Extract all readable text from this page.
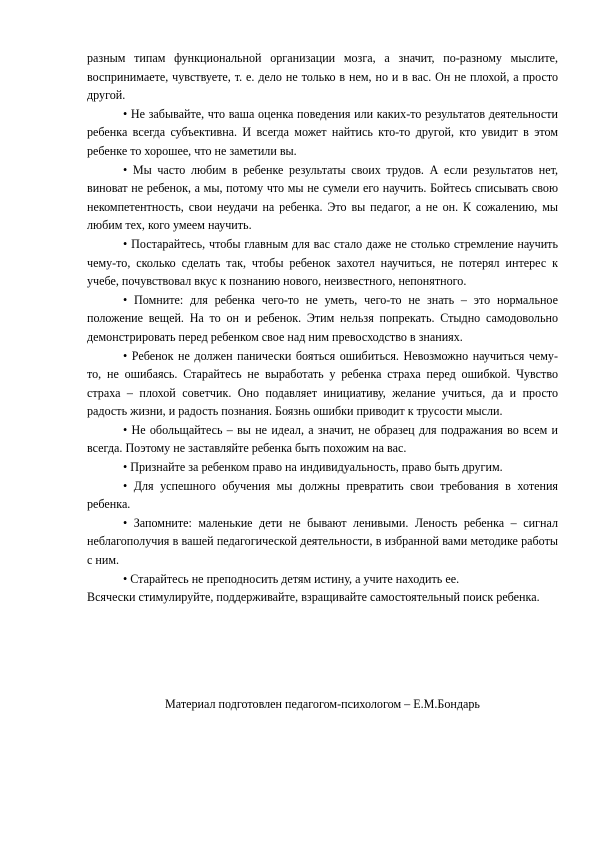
разным типам функциональной организации мозга, а значит, по-разному мыслите, воспринимаете, чувствуете, т. е. дело не только в нем, но и в вас. Он не плохой, а просто другой.

• Не забывайте, что ваша оценка поведения или каких-то результатов деятельности ребенка всегда субъективна. И всегда может найтись кто-то другой, кто увидит в этом ребенке то хорошее, что не заметили вы.

• Мы часто любим в ребенке результаты своих трудов. А если результатов нет, виноват не ребенок, а мы, потому что мы не сумели его научить. Бойтесь списывать свою некомпетентность, свои неудачи на ребенка. Это вы педагог, а не он. К сожалению, мы любим тех, кого умеем научить.

• Постарайтесь, чтобы главным для вас стало даже не столько стремление научить чему-то, сколько сделать так, чтобы ребенок захотел научиться, не потерял интерес к учебе, почувствовал вкус к познанию нового, неизвестного, непонятного.

• Помните: для ребенка чего-то не уметь, чего-то не знать – это нормальное положение вещей. На то он и ребенок. Этим нельзя попрекать. Стыдно самодовольно демонстрировать перед ребенком свое над ним превосходство в знаниях.

• Ребенок не должен панически бояться ошибиться. Невозможно научиться чему-то, не ошибаясь. Старайтесь не выработать у ребенка страха перед ошибкой. Чувство страха – плохой советчик. Оно подавляет инициативу, желание учиться, да и просто радость жизни, и радость познания. Боязнь ошибки приводит к трусости мысли.

• Не обольщайтесь – вы не идеал, а значит, не образец для подражания во всем и всегда. Поэтому не заставляйте ребенка быть похожим на вас.

• Признайте за ребенком право на индивидуальность, право быть другим.

• Для успешного обучения мы должны превратить свои требования в хотения ребенка.

• Запомните: маленькие дети не бывают ленивыми. Леность ребенка – сигнал неблагополучия в вашей педагогической деятельности, в избранной вами методике работы с ним.

• Старайтесь не преподносить детям истину, а учите находить ее.

Всячески стимулируйте, поддерживайте, взращивайте самостоятельный поиск ребенка.

Материал подготовлен педагогом-психологом – Е.М.Бондарь
